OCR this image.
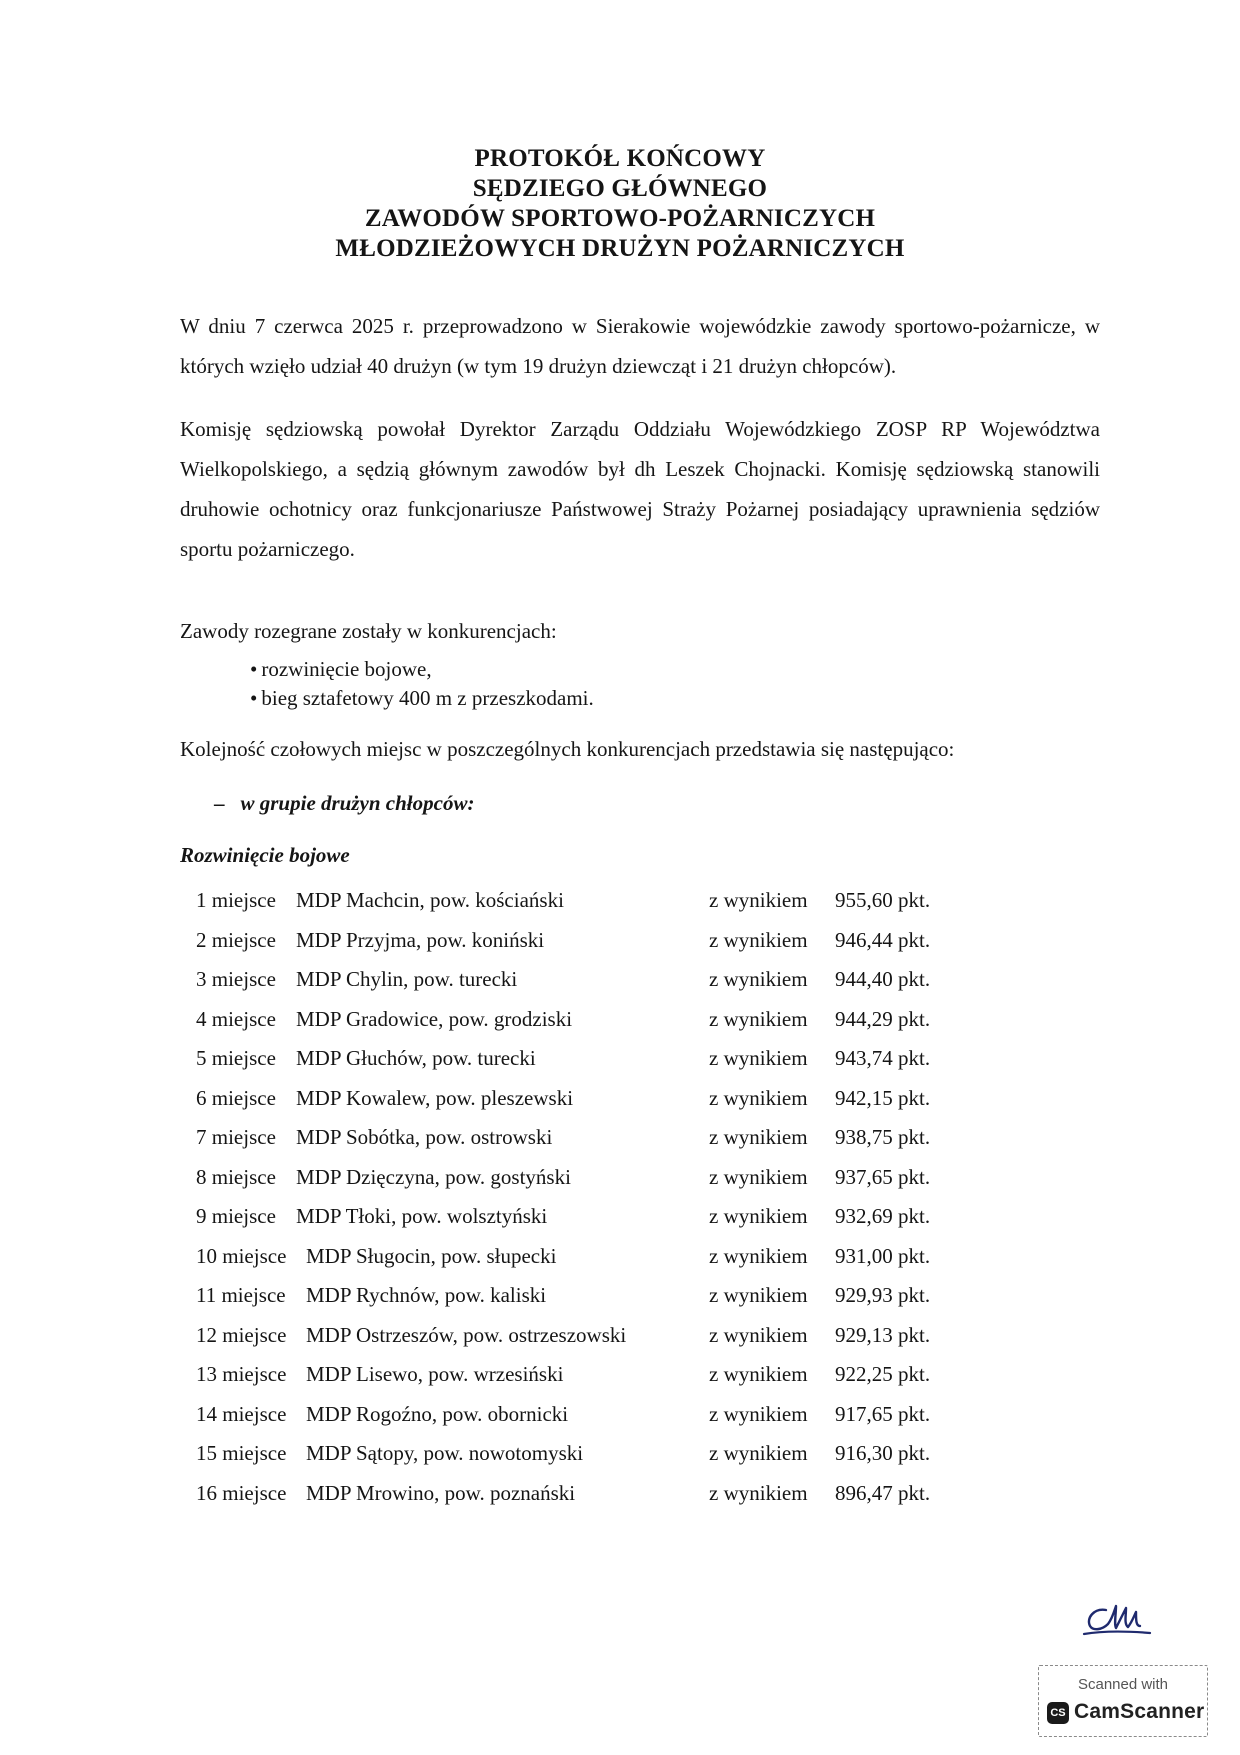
PROTOKÓŁ KOŃCOWY
SĘDZIEGO GŁÓWNEGO
ZAWODÓW SPORTOWO-POŻARNICZYCH
MŁODZIEŻOWYCH DRUŻYN POŻARNICZYCH
W dniu 7 czerwca 2025 r. przeprowadzono w Sierakowie wojewódzkie zawody sportowo-pożarnicze, w których wzięło udział 40 drużyn (w tym 19 drużyn dziewcząt i 21 drużyn chłopców).
Komisję sędziowską powołał Dyrektor Zarządu Oddziału Wojewódzkiego ZOSP RP Województwa Wielkopolskiego, a sędzią głównym zawodów był dh Leszek Chojnacki. Komisję sędziowską stanowili druhowie ochotnicy oraz funkcjonariusze Państwowej Straży Pożarnej posiadający uprawnienia sędziów sportu pożarniczego.
Zawody rozegrane zostały w konkurencjach:
• rozwinięcie bojowe,
• bieg sztafetowy 400 m z przeszkodami.
Kolejność czołowych miejsc w poszczególnych konkurencjach przedstawia się następująco:
– w grupie drużyn chłopców:
Rozwinięcie bojowe
1 miejsce MDP Machcin, pow. kościański	z wynikiem 955,60 pkt.
2 miejsce MDP Przyjma, pow. koniński	z wynikiem 946,44 pkt.
3 miejsce MDP Chylin, pow. turecki	z wynikiem 944,40 pkt.
4 miejsce MDP Gradowice, pow. grodziski	z wynikiem 944,29 pkt.
5 miejsce MDP Głuchów, pow. turecki	z wynikiem 943,74 pkt.
6 miejsce MDP Kowalew, pow. pleszewski	z wynikiem 942,15 pkt.
7 miejsce MDP Sobótka, pow. ostrowski	z wynikiem 938,75 pkt.
8 miejsce MDP Dzięczyna, pow. gostyński	z wynikiem 937,65 pkt.
9 miejsce MDP Tłoki, pow. wolsztyński	z wynikiem 932,69 pkt.
10 miejsce MDP Sługocin, pow. słupecki	z wynikiem 931,00 pkt.
11 miejsce MDP Rychnów, pow. kaliski	z wynikiem 929,93 pkt.
12 miejsce MDP Ostrzeszów, pow. ostrzeszowski	z wynikiem 929,13 pkt.
13 miejsce MDP Lisewo, pow. wrzesiński	z wynikiem 922,25 pkt.
14 miejsce MDP Rogoźno, pow. obornicki	z wynikiem 917,65 pkt.
15 miejsce MDP Sątopy, pow. nowotomyski	z wynikiem 916,30 pkt.
16 miejsce MDP Mrowino, pow. poznański	z wynikiem 896,47 pkt.
Scanned with
CS CamScanner
